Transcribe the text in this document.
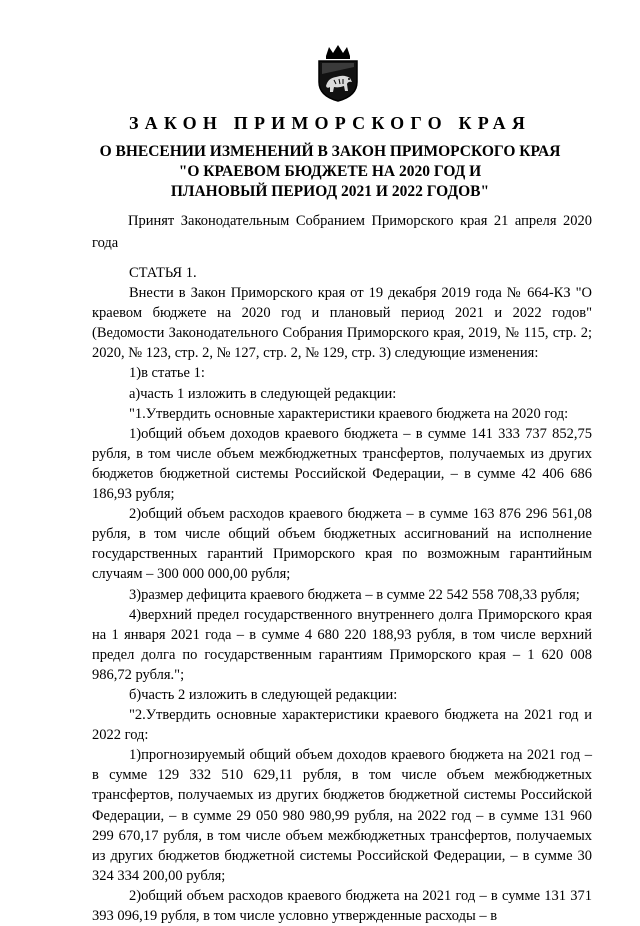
ЗАКОН ПРИМОРСКОГО КРАЯ
О ВНЕСЕНИИ ИЗМЕНЕНИЙ В ЗАКОН ПРИМОРСКОГО КРАЯ
"О КРАЕВОМ БЮДЖЕТЕ НА 2020 ГОД И
ПЛАНОВЫЙ ПЕРИОД 2021 И 2022 ГОДОВ"

Принят Законодательным Собранием Приморского края 21 апреля 2020 года

СТАТЬЯ 1.

Внести в Закон Приморского края от 19 декабря 2019 года № 664-КЗ "О краевом бюджете на 2020 год и плановый период 2021 и 2022 годов" (Ведомости Законодательного Собрания Приморского края, 2019, № 115, стр. 2; 2020, № 123, стр. 2, № 127, стр. 2, № 129, стр. 3) следующие изменения:

1)в статье 1:

а)часть 1 изложить в следующей редакции:

"1.Утвердить основные характеристики краевого бюджета на 2020 год:

1)общий объем доходов краевого бюджета – в сумме 141 333 737 852,75 рубля, в том числе объем межбюджетных трансфертов, получаемых из других бюджетов бюджетной системы Российской Федерации, – в сумме 42 406 686 186,93 рубля;

2)общий объем расходов краевого бюджета – в сумме 163 876 296 561,08 рубля, в том числе общий объем бюджетных ассигнований на исполнение государственных гарантий Приморского края по возможным гарантийным случаям – 300 000 000,00 рубля;

3)размер дефицита краевого бюджета – в сумме 22 542 558 708,33 рубля;

4)верхний предел государственного внутреннего долга Приморского края на 1 января 2021 года – в сумме 4 680 220 188,93 рубля, в том числе верхний предел долга по государственным гарантиям Приморского края – 1 620 008 986,72 рубля.";

б)часть 2 изложить в следующей редакции:

"2.Утвердить основные характеристики краевого бюджета на 2021 год и 2022 год:

1)прогнозируемый общий объем доходов краевого бюджета на 2021 год – в сумме 129 332 510 629,11 рубля, в том числе объем межбюджетных трансфертов, получаемых из других бюджетов бюджетной системы Российской Федерации, – в сумме 29 050 980 980,99 рубля, на 2022 год – в сумме 131 960 299 670,17 рубля, в том числе объем межбюджетных трансфертов, получаемых из других бюджетов бюджетной системы Российской Федерации, – в сумме 30 324 334 200,00 рубля;

2)общий объем расходов краевого бюджета на 2021 год – в сумме 131 371 393 096,19 рубля, в том числе условно утвержденные расходы – в
